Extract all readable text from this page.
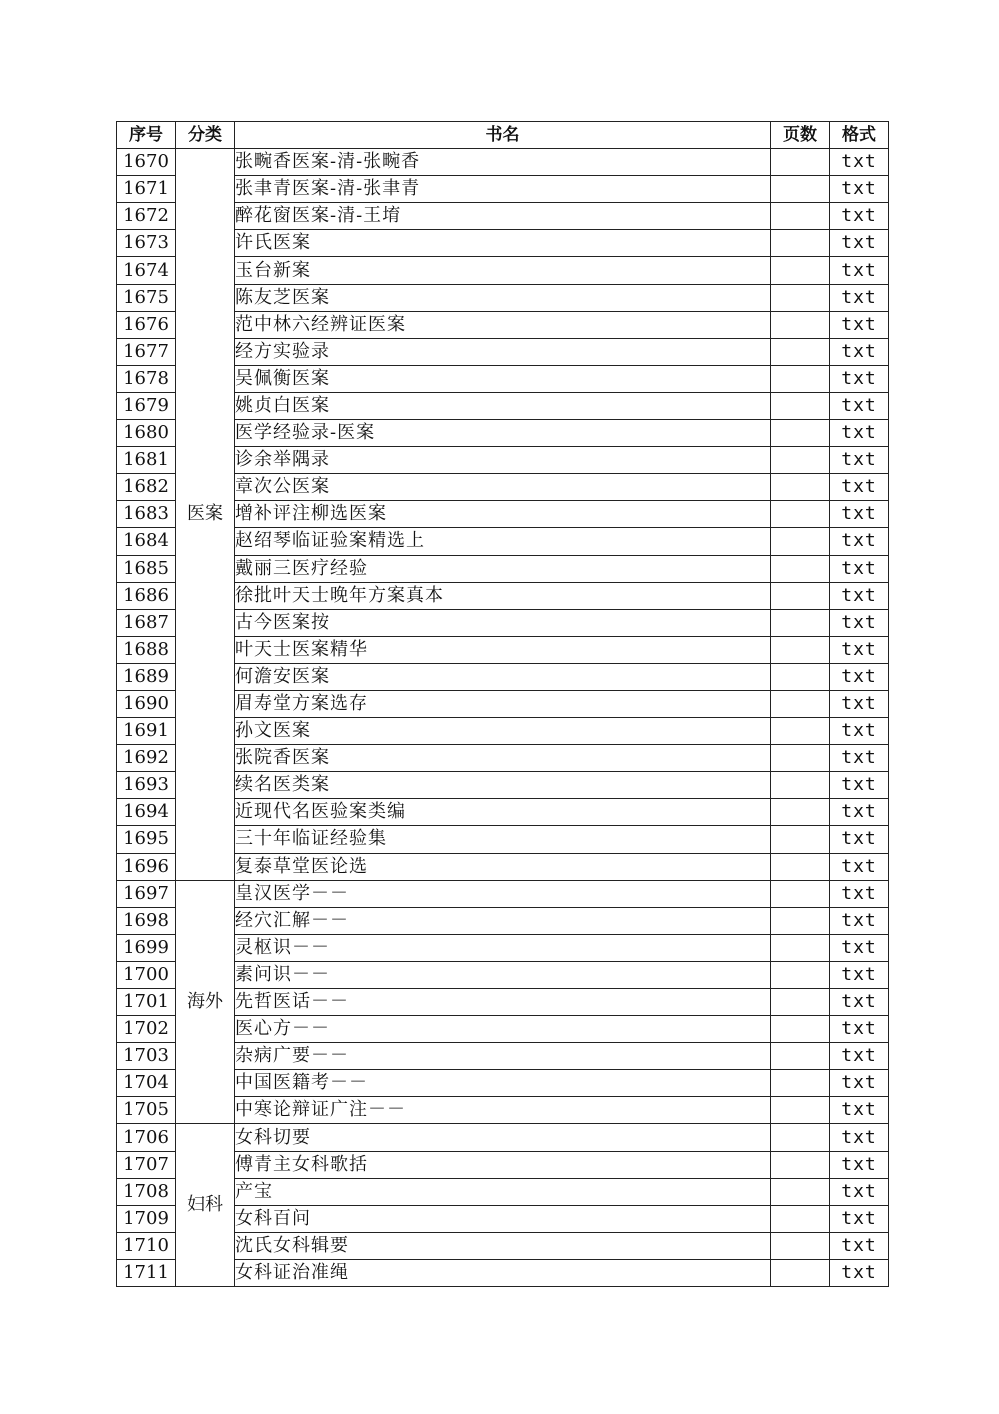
序号	分类	书名	页数	格式
1670	医案	张畹香医案-清-张畹香		txt
1671		张聿青医案-清-张聿青		txt
1672		醉花窗医案-清-王堉		txt
1673		许氏医案		txt
1674		玉台新案		txt
1675		陈友芝医案		txt
1676		范中林六经辨证医案		txt
1677		经方实验录		txt
1678		吴佩衡医案		txt
1679		姚贞白医案		txt
1680		医学经验录-医案		txt
1681		诊余举隅录		txt
1682		章次公医案		txt
1683		增补评注柳选医案		txt
1684		赵绍琴临证验案精选上		txt
1685		戴丽三医疗经验		txt
1686		徐批叶天士晚年方案真本		txt
1687		古今医案按		txt
1688		叶天士医案精华		txt
1689		何澹安医案		txt
1690		眉寿堂方案选存		txt
1691		孙文医案		txt
1692		张院香医案		txt
1693		续名医类案		txt
1694		近现代名医验案类编		txt
1695		三十年临证经验集		txt
1696		复泰草堂医论选		txt
1697	海外	皇汉医学－－		txt
1698		经穴汇解－－		txt
1699		灵枢识－－		txt
1700		素问识－－		txt
1701		先哲医话－－		txt
1702		医心方－－		txt
1703		杂病广要－－		txt
1704		中国医籍考－－		txt
1705		中寒论辩证广注－－		txt
1706	妇科	女科切要		txt
1707		傅青主女科歌括		txt
1708		产宝		txt
1709		女科百问		txt
1710		沈氏女科辑要		txt
1711		女科证治准绳		txt
